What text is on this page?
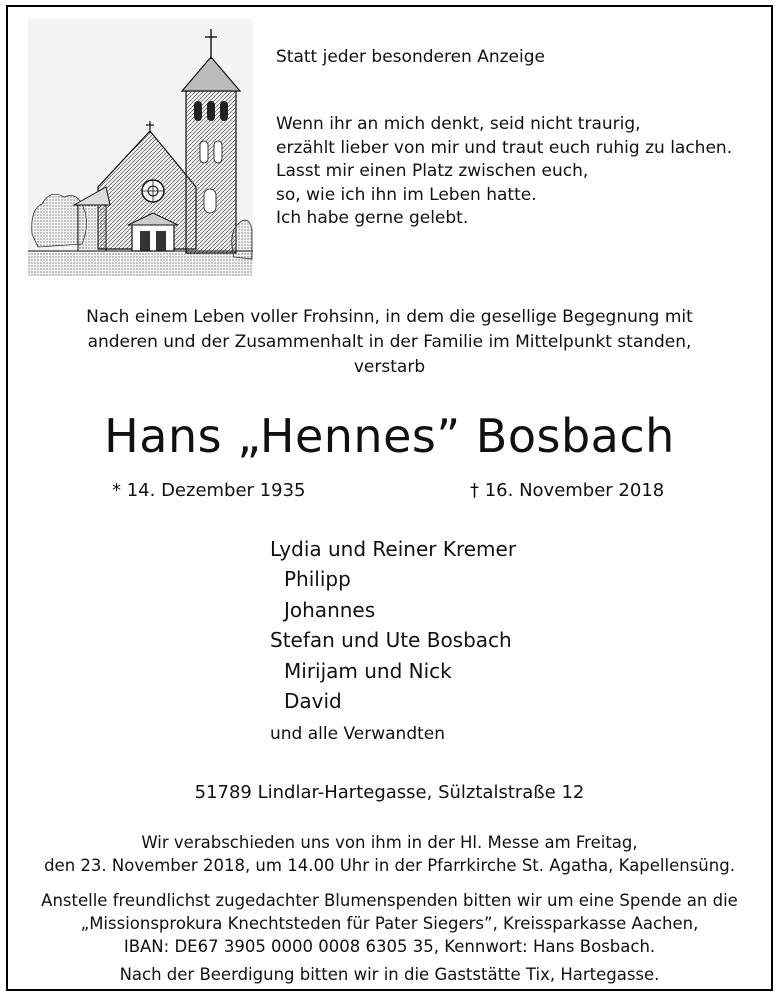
Statt jeder besonderen Anzeige
Wenn ihr an mich denkt, seid nicht traurig,
erzählt lieber von mir und traut euch ruhig zu lachen.
Lasst mir einen Platz zwischen euch,
so, wie ich ihn im Leben hatte.
Ich habe gerne gelebt.
Nach einem Leben voller Frohsinn, in dem die gesellige Begegnung mit
anderen und der Zusammenhalt in der Familie im Mittelpunkt standen,
verstarb
Hans „Hennes” Bosbach
* 14. Dezember 1935	† 16. November 2018
Lydia und Reiner Kremer
Philipp
Johannes
Stefan und Ute Bosbach
Mirijam und Nick
David
und alle Verwandten
51789 Lindlar-Hartegasse, Sülztalstraße 12
Wir verabschieden uns von ihm in der Hl. Messe am Freitag,
den 23. November 2018, um 14.00 Uhr in der Pfarrkirche St. Agatha, Kapellensüng.
Anstelle freundlichst zugedachter Blumenspenden bitten wir um eine Spende an die
„Missionsprokura Knechtsteden für Pater Siegers”, Kreissparkasse Aachen,
IBAN: DE67 3905 0000 0008 6305 35, Kennwort: Hans Bosbach.
Nach der Beerdigung bitten wir in die Gaststätte Tix, Hartegasse.
